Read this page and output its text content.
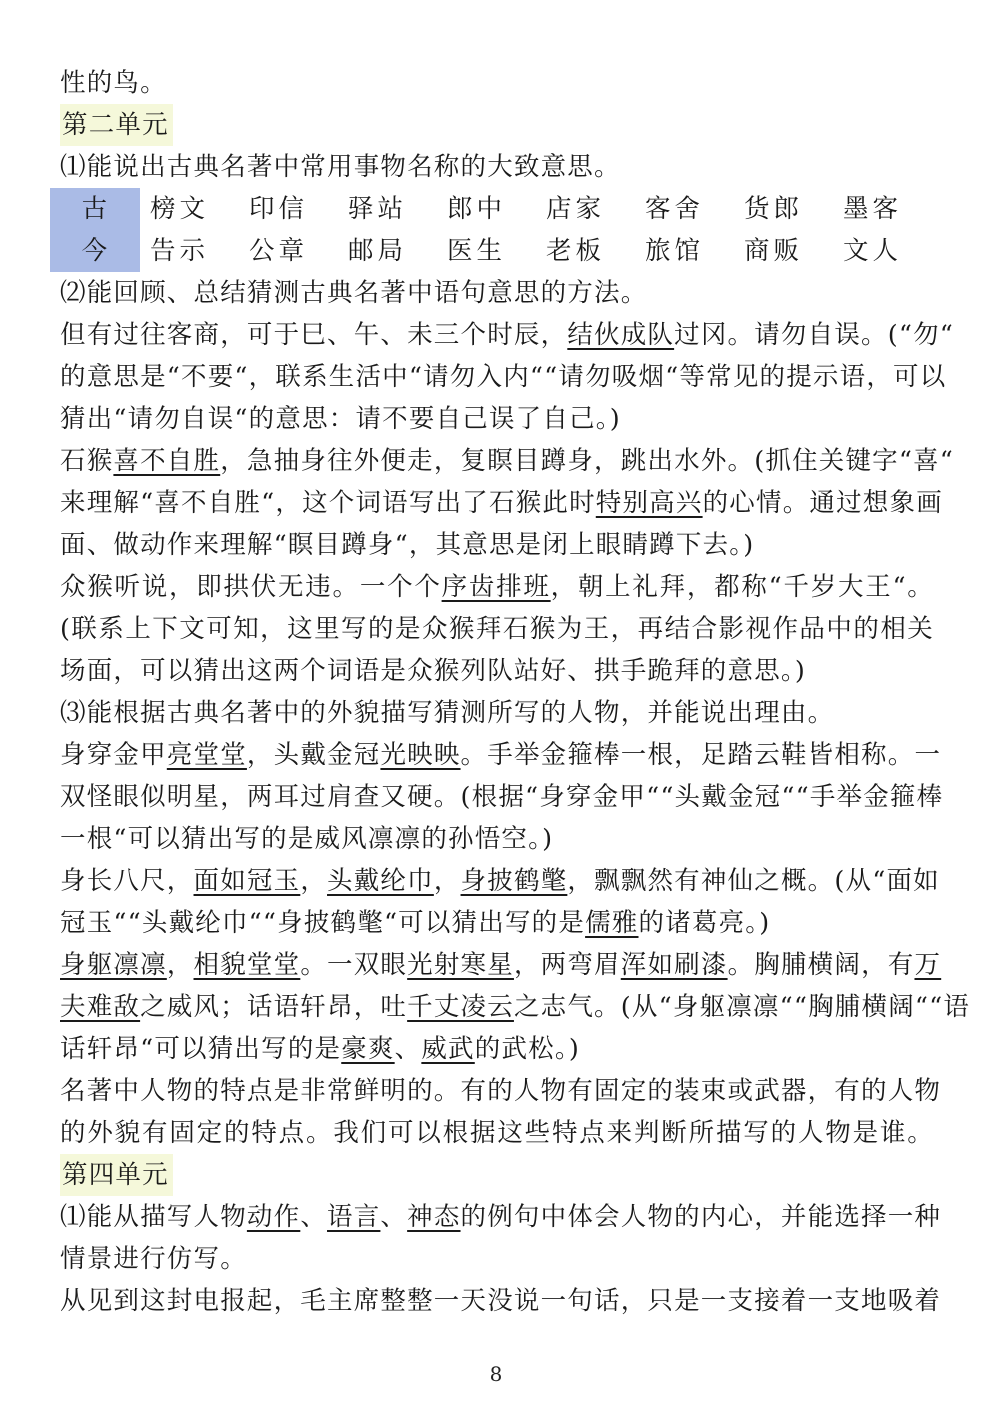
性的鸟。
第二单元
⑴能说出古典名著中常用事物名称的大致意思。
古	榜文	印信	驿站	郎中	店家	客舍	货郎	墨客
今	告示	公章	邮局	医生	老板	旅馆	商贩	文人
⑵能回顾、总结猜测古典名著中语句意思的方法。
但有过往客商，可于巳、午、未三个时辰，结伙成队过冈。请勿自误。(“勿“
的意思是“不要“，联系生活中“请勿入内““请勿吸烟“等常见的提示语，可以
猜出“请勿自误“的意思：请不要自己误了自己。)
石猴喜不自胜，急抽身往外便走，复瞑目蹲身，跳出水外。(抓住关键字“喜“
来理解“喜不自胜“，这个词语写出了石猴此时特别高兴的心情。通过想象画
面、做动作来理解“瞑目蹲身“，其意思是闭上眼睛蹲下去。)
众猴听说，即拱伏无违。一个个序齿排班，朝上礼拜，都称“千岁大王“。
(联系上下文可知，这里写的是众猴拜石猴为王，再结合影视作品中的相关
场面，可以猜出这两个词语是众猴列队站好、拱手跪拜的意思。)
⑶能根据古典名著中的外貌描写猜测所写的人物，并能说出理由。
身穿金甲亮堂堂，头戴金冠光映映。手举金箍棒一根，足踏云鞋皆相称。一
双怪眼似明星，两耳过肩查又硬。(根据“身穿金甲““头戴金冠““手举金箍棒
一根“可以猜出写的是威风凛凛的孙悟空。)
身长八尺，面如冠玉，头戴纶巾，身披鹤氅，飘飘然有神仙之概。(从“面如
冠玉““头戴纶巾““身披鹤氅“可以猜出写的是儒雅的诸葛亮。)
身躯凛凛，相貌堂堂。一双眼光射寒星，两弯眉浑如刷漆。胸脯横阔，有万
夫难敌之威风；话语轩昂，吐千丈凌云之志气。(从“身躯凛凛““胸脯横阔““语
话轩昂“可以猜出写的是豪爽、威武的武松。)
名著中人物的特点是非常鲜明的。有的人物有固定的装束或武器，有的人物
的外貌有固定的特点。我们可以根据这些特点来判断所描写的人物是谁。
第四单元
⑴能从描写人物动作、语言、神态的例句中体会人物的内心，并能选择一种
情景进行仿写。
从见到这封电报起，毛主席整整一天没说一句话，只是一支接着一支地吸着
8
